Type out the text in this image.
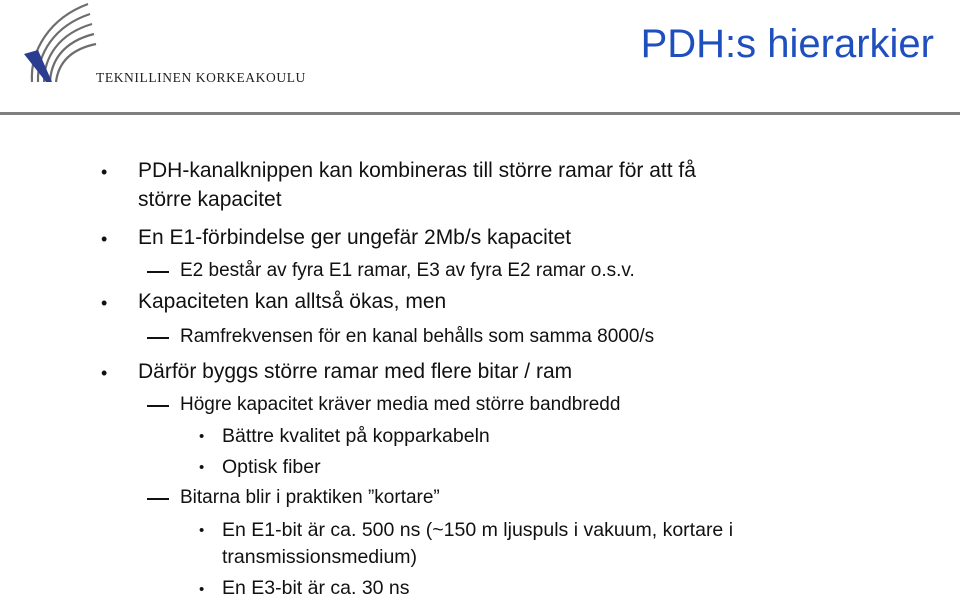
TEKNILLINEN KORKEAKOULU
PDH:s hierarkier
• PDH-kanalknippen kan kombineras till större ramar för att få
större kapacitet
• En E1-förbindelse ger ungefär 2Mb/s kapacitet
E2 består av fyra E1 ramar, E3 av fyra E2 ramar o.s.v.
• Kapaciteten kan alltså ökas, men
Ramfrekvensen för en kanal behålls som samma 8000/s
• Därför byggs större ramar med flere bitar / ram
Högre kapacitet kräver media med större bandbredd
• Bättre kvalitet på kopparkabeln
• Optisk fiber
Bitarna blir i praktiken ”kortare”
• En E1-bit är ca. 500 ns (~150 m ljuspuls i vakuum, kortare i
transmissionsmedium)
• En E3-bit är ca. 30 ns
